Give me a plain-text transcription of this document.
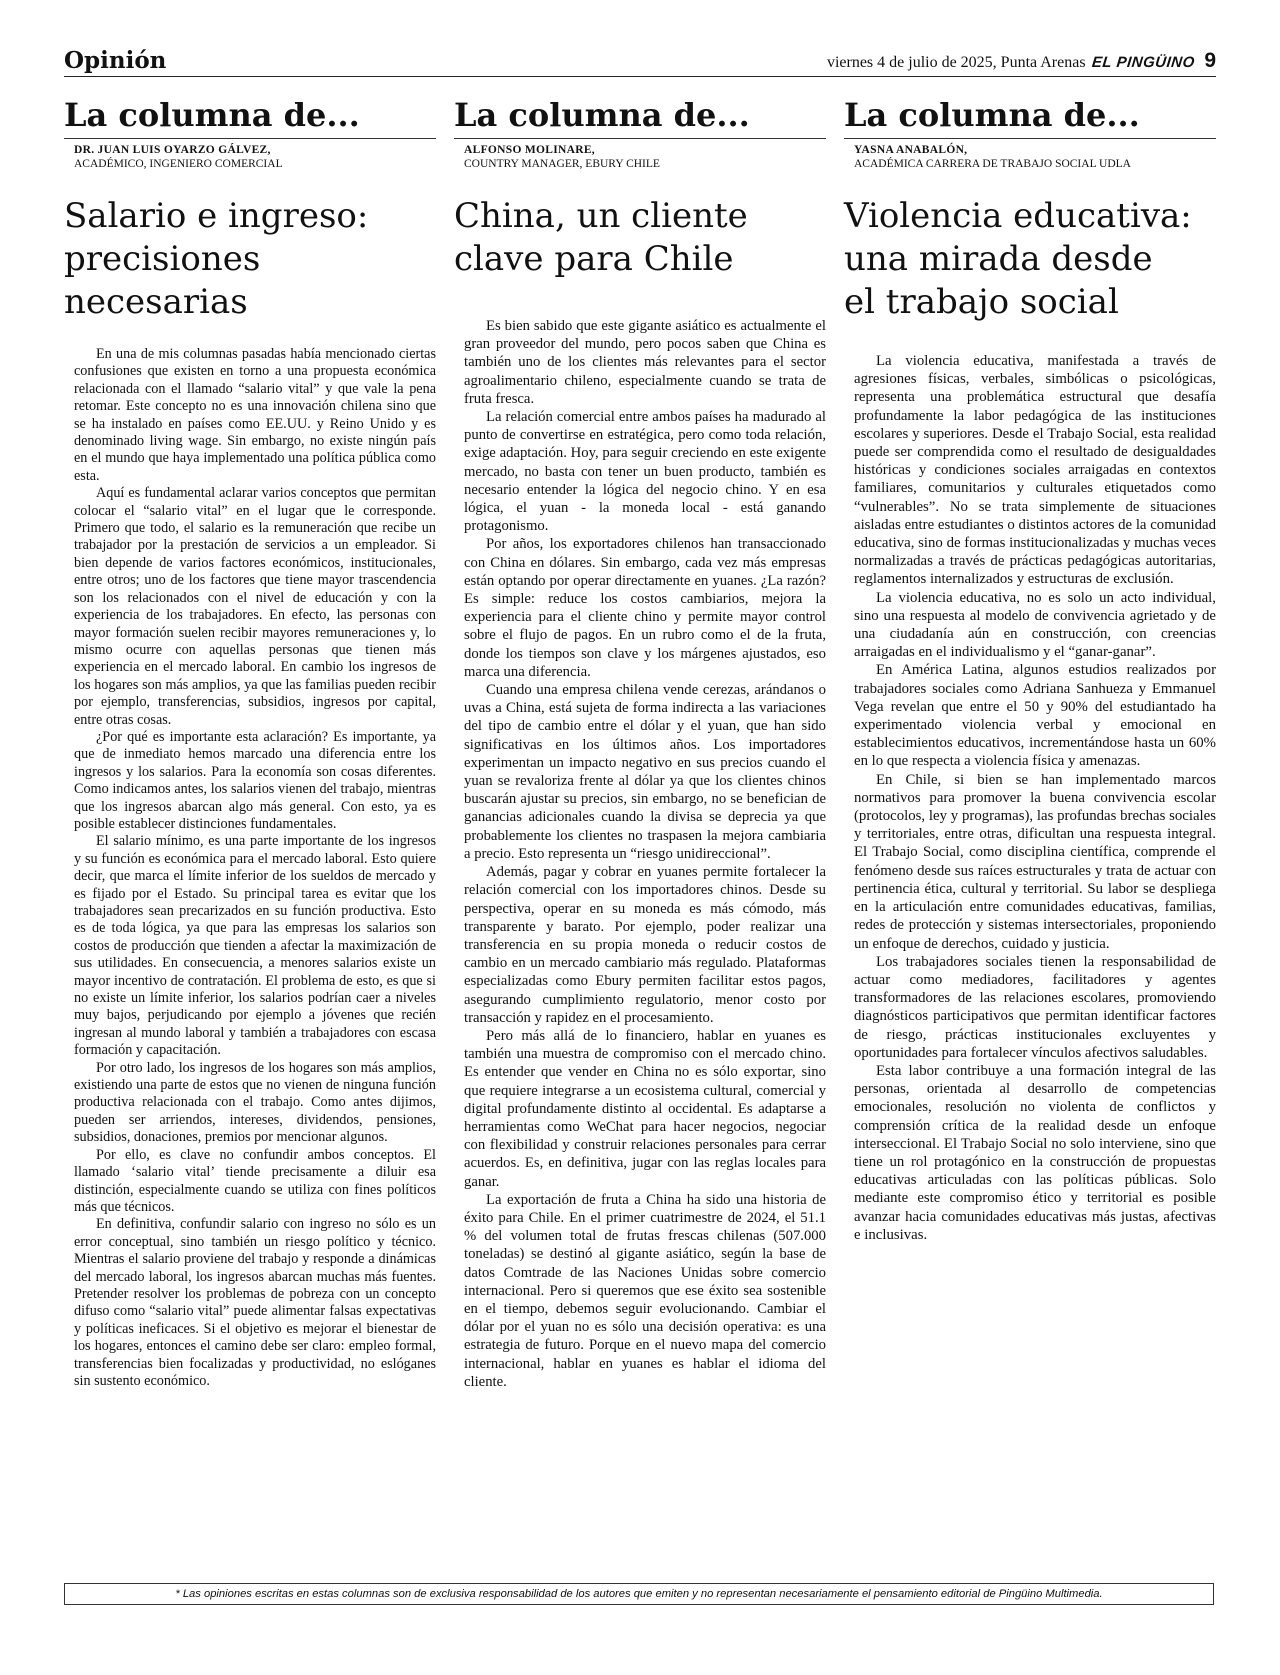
Opinión	viernes 4 de julio de 2025, Punta Arenas EL PINGÜINO 9
La columna de...
DR. JUAN LUIS OYARZO GÁLVEZ,
ACADÉMICO, INGENIERO COMERCIAL
Salario e ingreso:
precisiones
necesarias

En una de mis columnas pasadas había mencionado ciertas confusiones que existen en torno a una propuesta económica relacionada con el llamado “salario vital” y que vale la pena retomar. Este concepto no es una innovación chilena sino que se ha instalado en países como EE.UU. y Reino Unido y es denominado living wage. Sin embargo, no existe ningún país en el mundo que haya implementado una política pública como esta.

Aquí es fundamental aclarar varios conceptos que permitan colocar el “salario vital” en el lugar que le corresponde. Primero que todo, el salario es la remuneración que recibe un trabajador por la prestación de servicios a un empleador. Si bien depende de varios factores económicos, institucionales, entre otros; uno de los factores que tiene mayor trascendencia son los relacionados con el nivel de educación y con la experiencia de los trabajadores. En efecto, las personas con mayor formación suelen recibir mayores remuneraciones y, lo mismo ocurre con aquellas personas que tienen más experiencia en el mercado laboral. En cambio los ingresos de los hogares son más amplios, ya que las familias pueden recibir por ejemplo, transferencias, subsidios, ingresos por capital, entre otras cosas.

¿Por qué es importante esta aclaración? Es importante, ya que de inmediato hemos marcado una diferencia entre los ingresos y los salarios. Para la economía son cosas diferentes. Como indicamos antes, los salarios vienen del trabajo, mientras que los ingresos abarcan algo más general. Con esto, ya es posible establecer distinciones fundamentales.

El salario mínimo, es una parte importante de los ingresos y su función es económica para el mercado laboral. Esto quiere decir, que marca el límite inferior de los sueldos de mercado y es fijado por el Estado. Su principal tarea es evitar que los trabajadores sean precarizados en su función productiva. Esto es de toda lógica, ya que para las empresas los salarios son costos de producción que tienden a afectar la maximización de sus utilidades. En consecuencia, a menores salarios existe un mayor incentivo de contratación. El problema de esto, es que si no existe un límite inferior, los salarios podrían caer a niveles muy bajos, perjudicando por ejemplo a jóvenes que recién ingresan al mundo laboral y también a trabajadores con escasa formación y capacitación.

Por otro lado, los ingresos de los hogares son más amplios, existiendo una parte de estos que no vienen de ninguna función productiva relacionada con el trabajo. Como antes dijimos, pueden ser arriendos, intereses, dividendos, pensiones, subsidios, donaciones, premios por mencionar algunos.

Por ello, es clave no confundir ambos conceptos. El llamado ‘salario vital’ tiende precisamente a diluir esa distinción, especialmente cuando se utiliza con fines políticos más que técnicos.

En definitiva, confundir salario con ingreso no sólo es un error conceptual, sino también un riesgo político y técnico. Mientras el salario proviene del trabajo y responde a dinámicas del mercado laboral, los ingresos abarcan muchas más fuentes. Pretender resolver los problemas de pobreza con un concepto difuso como “salario vital” puede alimentar falsas expectativas y políticas ineficaces. Si el objetivo es mejorar el bienestar de los hogares, entonces el camino debe ser claro: empleo formal, transferencias bien focalizadas y productividad, no eslóganes sin sustento económico.

La columna de...
ALFONSO MOLINARE,
COUNTRY MANAGER, EBURY CHILE
China, un cliente
clave para Chile

Es bien sabido que este gigante asiático es actualmente el gran proveedor del mundo, pero pocos saben que China es también uno de los clientes más relevantes para el sector agroalimentario chileno, especialmente cuando se trata de fruta fresca.

La relación comercial entre ambos países ha madurado al punto de convertirse en estratégica, pero como toda relación, exige adaptación. Hoy, para seguir creciendo en este exigente mercado, no basta con tener un buen producto, también es necesario entender la lógica del negocio chino. Y en esa lógica, el yuan - la moneda local - está ganando protagonismo.

Por años, los exportadores chilenos han transaccionado con China en dólares. Sin embargo, cada vez más empresas están optando por operar directamente en yuanes. ¿La razón? Es simple: reduce los costos cambiarios, mejora la experiencia para el cliente chino y permite mayor control sobre el flujo de pagos. En un rubro como el de la fruta, donde los tiempos son clave y los márgenes ajustados, eso marca una diferencia.

Cuando una empresa chilena vende cerezas, arándanos o uvas a China, está sujeta de forma indirecta a las variaciones del tipo de cambio entre el dólar y el yuan, que han sido significativas en los últimos años. Los importadores experimentan un impacto negativo en sus precios cuando el yuan se revaloriza frente al dólar ya que los clientes chinos buscarán ajustar su precios, sin embargo, no se benefician de ganancias adicionales cuando la divisa se deprecia ya que probablemente los clientes no traspasen la mejora cambiaria a precio. Esto representa un “riesgo unidireccional”.

Además, pagar y cobrar en yuanes permite fortalecer la relación comercial con los importadores chinos. Desde su perspectiva, operar en su moneda es más cómodo, más transparente y barato. Por ejemplo, poder realizar una transferencia en su propia moneda o reducir costos de cambio en un mercado cambiario más regulado. Plataformas especializadas como Ebury permiten facilitar estos pagos, asegurando cumplimiento regulatorio, menor costo por transacción y rapidez en el procesamiento.

Pero más allá de lo financiero, hablar en yuanes es también una muestra de compromiso con el mercado chino. Es entender que vender en China no es sólo exportar, sino que requiere integrarse a un ecosistema cultural, comercial y digital profundamente distinto al occidental. Es adaptarse a herramientas como WeChat para hacer negocios, negociar con flexibilidad y construir relaciones personales para cerrar acuerdos. Es, en definitiva, jugar con las reglas locales para ganar.

La exportación de fruta a China ha sido una historia de éxito para Chile. En el primer cuatrimestre de 2024, el 51.1 % del volumen total de frutas frescas chilenas (507.000 toneladas) se destinó al gigante asiático, según la base de datos Comtrade de las Naciones Unidas sobre comercio internacional. Pero si queremos que ese éxito sea sostenible en el tiempo, debemos seguir evolucionando. Cambiar el dólar por el yuan no es sólo una decisión operativa: es una estrategia de futuro. Porque en el nuevo mapa del comercio internacional, hablar en yuanes es hablar el idioma del cliente.

La columna de...
YASNA ANABALÓN,
ACADÉMICA CARRERA DE TRABAJO SOCIAL UDLA
Violencia educativa:
una mirada desde
el trabajo social

La violencia educativa, manifestada a través de agresiones físicas, verbales, simbólicas o psicológicas, representa una problemática estructural que desafía profundamente la labor pedagógica de las instituciones escolares y superiores. Desde el Trabajo Social, esta realidad puede ser comprendida como el resultado de desigualdades históricas y condiciones sociales arraigadas en contextos familiares, comunitarios y culturales etiquetados como “vulnerables”. No se trata simplemente de situaciones aisladas entre estudiantes o distintos actores de la comunidad educativa, sino de formas institucionalizadas y muchas veces normalizadas a través de prácticas pedagógicas autoritarias, reglamentos internalizados y estructuras de exclusión.

La violencia educativa, no es solo un acto individual, sino una respuesta al modelo de convivencia agrietado y de una ciudadanía aún en construcción, con creencias arraigadas en el individualismo y el “ganar-ganar”.

En América Latina, algunos estudios realizados por trabajadores sociales como Adriana Sanhueza y Emmanuel Vega revelan que entre el 50 y 90% del estudiantado ha experimentado violencia verbal y emocional en establecimientos educativos, incrementándose hasta un 60% en lo que respecta a violencia física y amenazas.

En Chile, si bien se han implementado marcos normativos para promover la buena convivencia escolar (protocolos, ley y programas), las profundas brechas sociales y territoriales, entre otras, dificultan una respuesta integral. El Trabajo Social, como disciplina científica, comprende el fenómeno desde sus raíces estructurales y trata de actuar con pertinencia ética, cultural y territorial. Su labor se despliega en la articulación entre comunidades educativas, familias, redes de protección y sistemas intersectoriales, proponiendo un enfoque de derechos, cuidado y justicia.

Los trabajadores sociales tienen la responsabilidad de actuar como mediadores, facilitadores y agentes transformadores de las relaciones escolares, promoviendo diagnósticos participativos que permitan identificar factores de riesgo, prácticas institucionales excluyentes y oportunidades para fortalecer vínculos afectivos saludables.

Esta labor contribuye a una formación integral de las personas, orientada al desarrollo de competencias emocionales, resolución no violenta de conflictos y comprensión crítica de la realidad desde un enfoque interseccional. El Trabajo Social no solo interviene, sino que tiene un rol protagónico en la construcción de propuestas educativas articuladas con las políticas públicas. Solo mediante este compromiso ético y territorial es posible avanzar hacia comunidades educativas más justas, afectivas e inclusivas.

* Las opiniones escritas en estas columnas son de exclusiva responsabilidad de los autores que emiten y no representan necesariamente el pensamiento editorial de Pingüino Multimedia.
